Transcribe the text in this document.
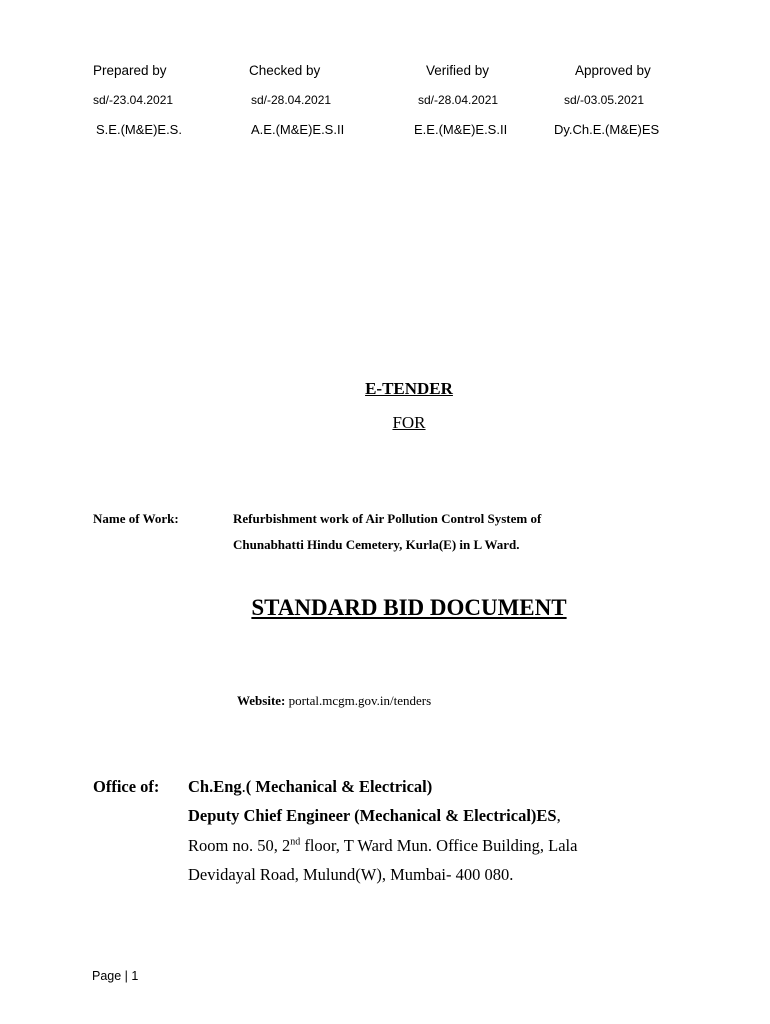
Prepared by	Checked by	Verified by	Approved by
sd/-23.04.2021	sd/-28.04.2021	sd/-28.04.2021	sd/-03.05.2021
S.E.(M&E)E.S.	A.E.(M&E)E.S.II	E.E.(M&E)E.S.II	Dy.Ch.E.(M&E)ES
E-TENDER
FOR
Name of Work:	Refurbishment work of Air Pollution Control System of
Chunabhatti Hindu Cemetery, Kurla(E) in L Ward.
STANDARD BID DOCUMENT
Website: portal.mcgm.gov.in/tenders
Office of: Ch.Eng.( Mechanical & Electrical)
Deputy Chief Engineer (Mechanical & Electrical)ES,
Room no. 50, 2nd floor, T Ward Mun. Office Building, Lala
Devidayal Road, Mulund(W), Mumbai- 400 080.
Page | 1
